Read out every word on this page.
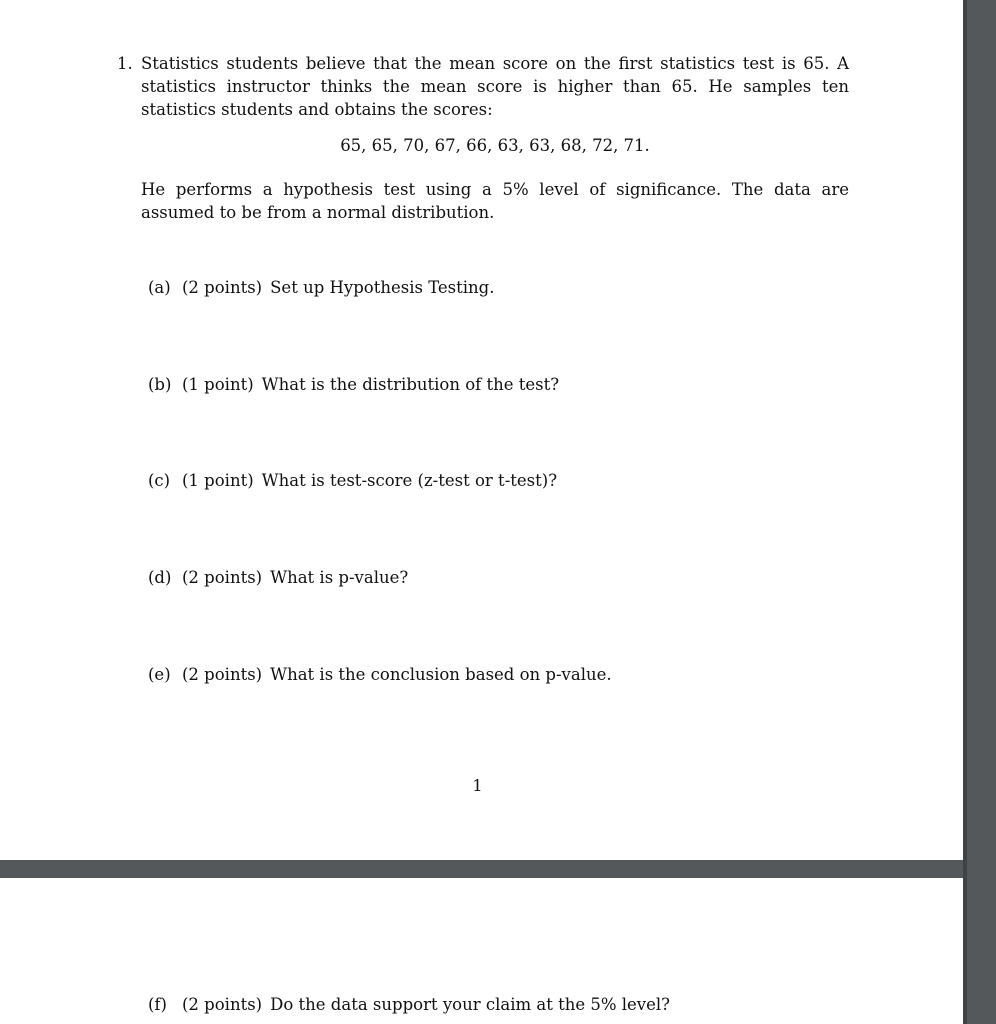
1. Statistics students believe that the mean score on the first statistics test is 65. A statistics instructor thinks the mean score is higher than 65. He samples ten statistics students and obtains the scores:

65, 65, 70, 67, 66, 63, 63, 68, 72, 71.

He performs a hypothesis test using a 5% level of significance. The data are assumed to be from a normal distribution.

(a) (2 points) Set up Hypothesis Testing.
(b) (1 point) What is the distribution of the test?
(c) (1 point) What is test-score (z-test or t-test)?
(d) (2 points) What is p-value?
(e) (2 points) What is the conclusion based on p-value.
1
(f) (2 points) Do the data support your claim at the 5% level?
